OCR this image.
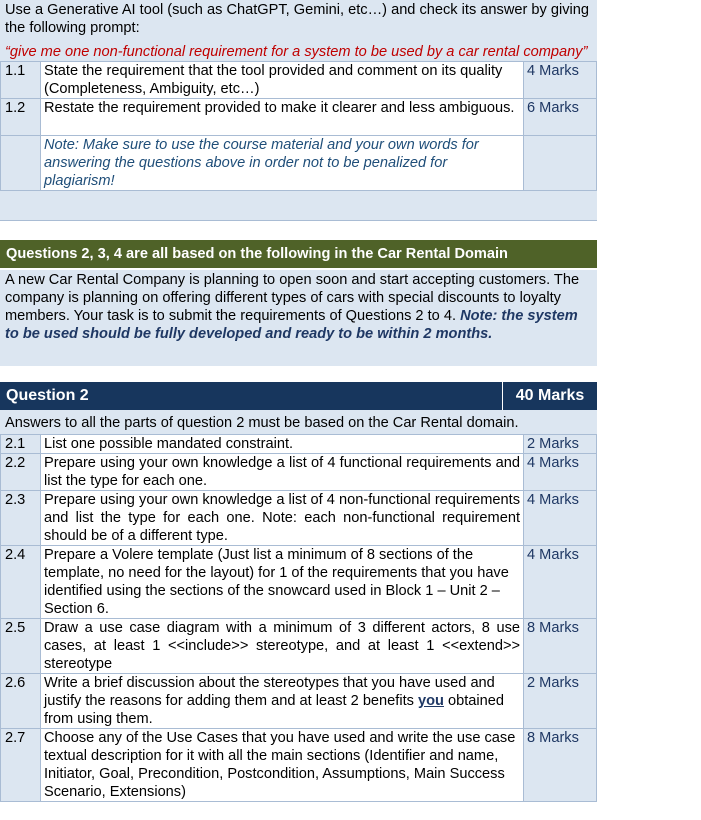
Use a Generative AI tool (such as ChatGPT, Gemini, etc…) and check its answer by giving the following prompt:
“give me one non-functional requirement for a system to be used by a car rental company”
1.1	State the requirement that the tool provided and comment on its quality (Completeness, Ambiguity, etc…)	4 Marks
1.2	Restate the requirement provided to make it clearer and less ambiguous.	6 Marks
	Note: Make sure to use the course material and your own words for answering the questions above in order not to be penalized for plagiarism!	
Questions 2, 3, 4 are all based on the following in the Car Rental Domain
A new Car Rental Company is planning to open soon and start accepting customers. The company is planning on offering different types of cars with special discounts to loyalty members. Your task is to submit the requirements of Questions 2 to 4. Note: the system to be used should be fully developed and ready to be within 2 months.
Question 2	40 Marks
Answers to all the parts of question 2 must be based on the Car Rental domain.
2.1	List one possible mandated constraint.	2 Marks
2.2	Prepare using your own knowledge a list of 4 functional requirements and list the type for each one.	4 Marks
2.3	Prepare using your own knowledge a list of 4 non-functional requirements and list the type for each one. Note: each non-functional requirement should be of a different type.	4 Marks
2.4	Prepare a Volere template (Just list a minimum of 8 sections of the template, no need for the layout) for 1 of the requirements that you have identified using the sections of the snowcard used in Block 1 – Unit 2 – Section 6.	4 Marks
2.5	Draw a use case diagram with a minimum of 3 different actors, 8 use cases, at least 1 <<include>> stereotype, and at least 1 <<extend>> stereotype	8 Marks
2.6	Write a brief discussion about the stereotypes that you have used and justify the reasons for adding them and at least 2 benefits you obtained from using them.	2 Marks
2.7	Choose any of the Use Cases that you have used and write the use case textual description for it with all the main sections (Identifier and name, Initiator, Goal, Precondition, Postcondition, Assumptions, Main Success Scenario, Extensions)	8 Marks
